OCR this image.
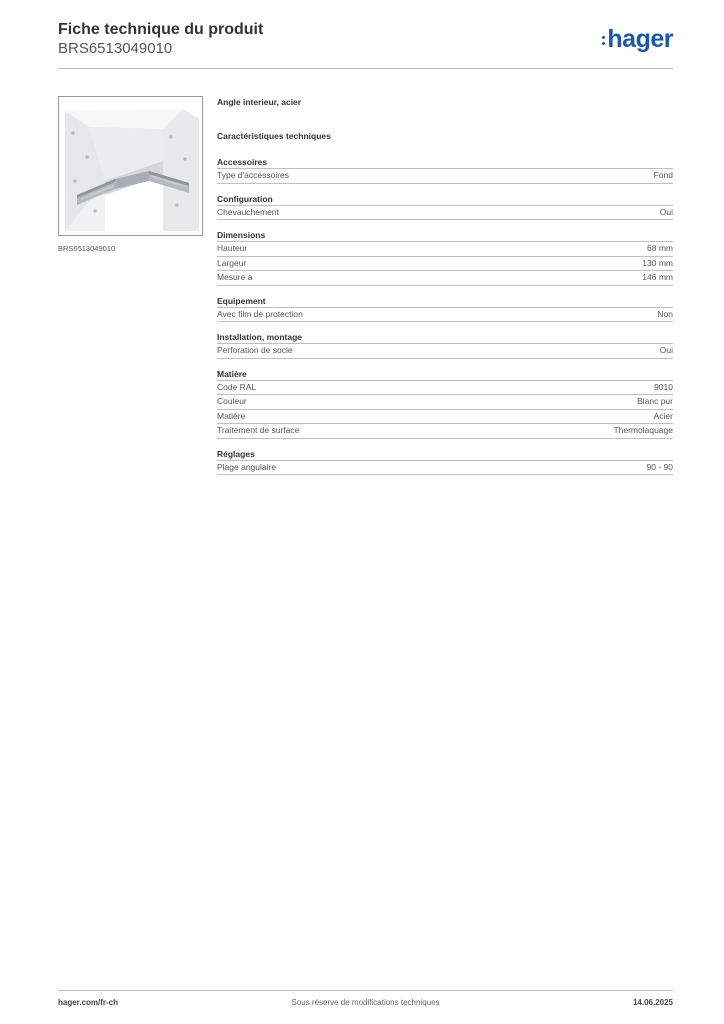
Fiche technique du produit
BRS6513049010	hager
BRS6513049010
Angle interieur, acier
Caractéristiques techniques
Accessoires
Type d'accessoires	Fond
Configuration
Chevauchement	Oui
Dimensions
Hauteur	68 mm
Largeur	130 mm
Mesure a	146 mm
Equipement
Avec film de protection	Non
Installation, montage
Perforation de socle	Oui
Matière
Code RAL	9010
Couleur	Blanc pur
Matière	Acier
Traitement de surface	Thermolaquage
Réglages
Plage angulaire	90 - 90
hager.com/fr-ch	Sous réserve de modifications techniques	14.06.2025
